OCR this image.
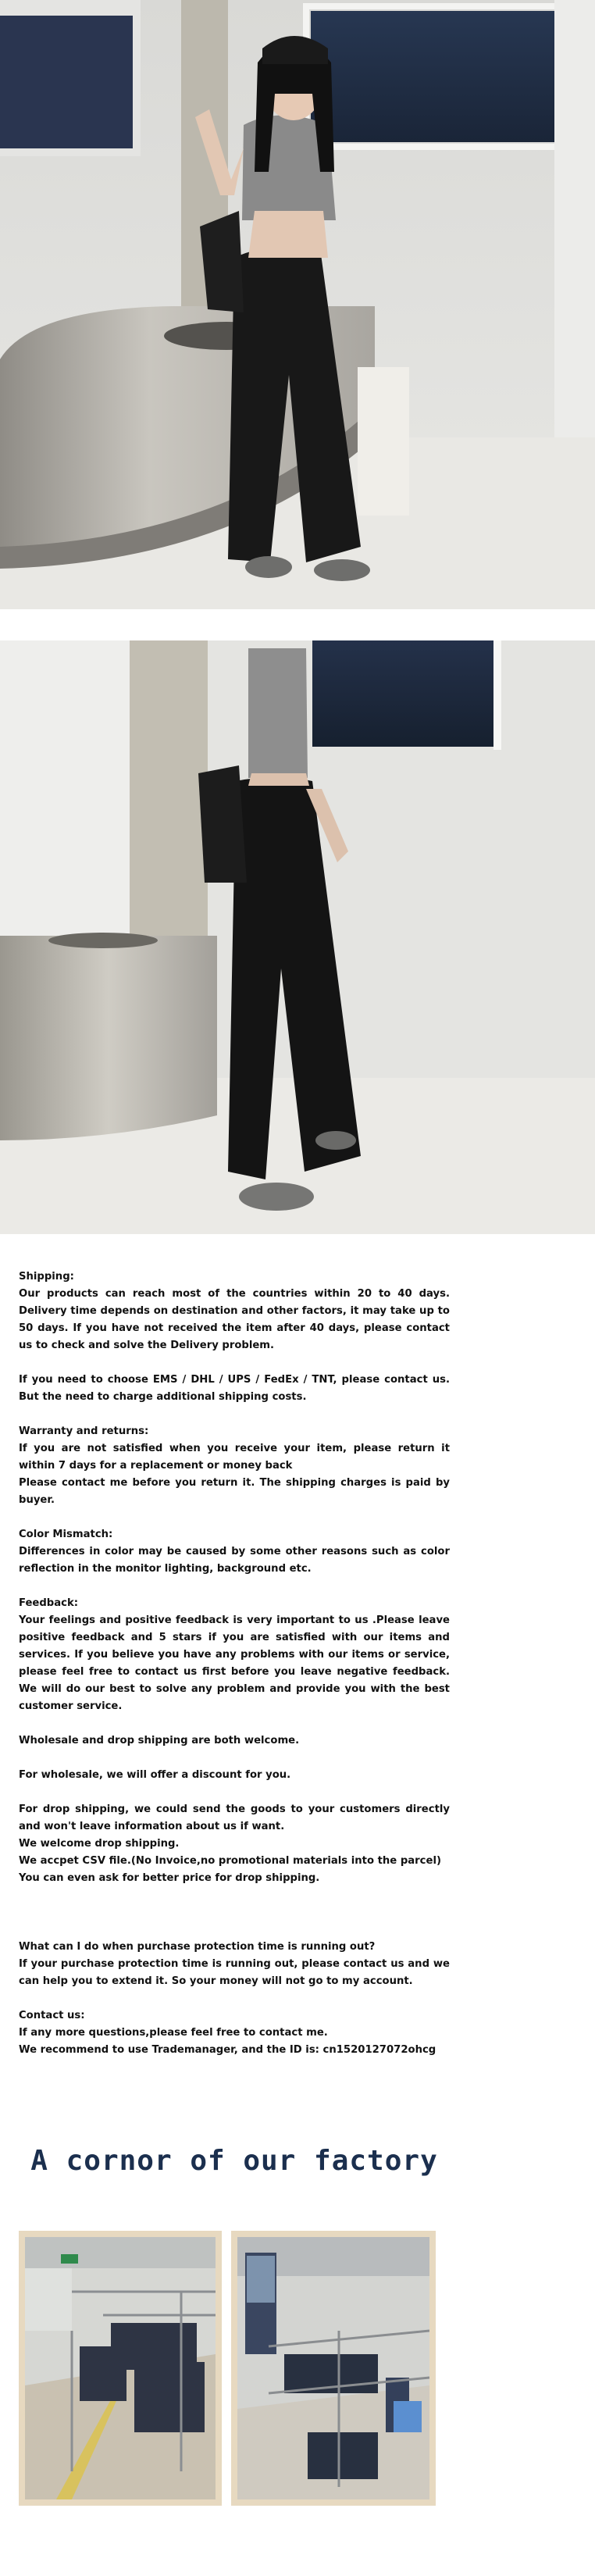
Shipping:

Our products can reach most of the countries within 20 to 40 days. Delivery time depends on destination and other factors, it may take up to 50 days. If you have not received the item after 40 days, please contact us to check and solve the Delivery problem.

If you need to choose EMS / DHL / UPS / FedEx / TNT, please contact us. But the need to charge additional shipping costs.

Warranty and returns:

If you are not satisfied when you receive your item, please return it within 7 days for a replacement or money back

Please contact me before you return it. The shipping charges is paid by buyer.

Color Mismatch:

Differences in color may be caused by some other reasons such as color reflection in the monitor lighting, background etc.

Feedback:

Your feelings and positive feedback is very important to us .Please leave positive feedback and 5 stars if you are satisfied with our items and services. If you believe you have any problems with our items or service, please feel free to contact us first before you leave negative feedback. We will do our best to solve any problem and provide you with the best customer service.

Wholesale and drop shipping are both welcome.

For wholesale, we will offer a discount for you.

For drop shipping, we could send the goods to your customers directly and won't leave information about us if want.

We welcome drop shipping.

We accpet CSV file.(No Invoice,no promotional materials into the parcel)

You can even ask for better price for drop shipping.

What can I do when purchase protection time is running out?

If your purchase protection time is running out, please contact us and we can help you to extend it. So your money will not go to my account.

Contact us:

If any more questions,please feel free to contact me.

We recommend to use Trademanager, and the ID is: cn1520127072ohcg

A cornor of our factory
